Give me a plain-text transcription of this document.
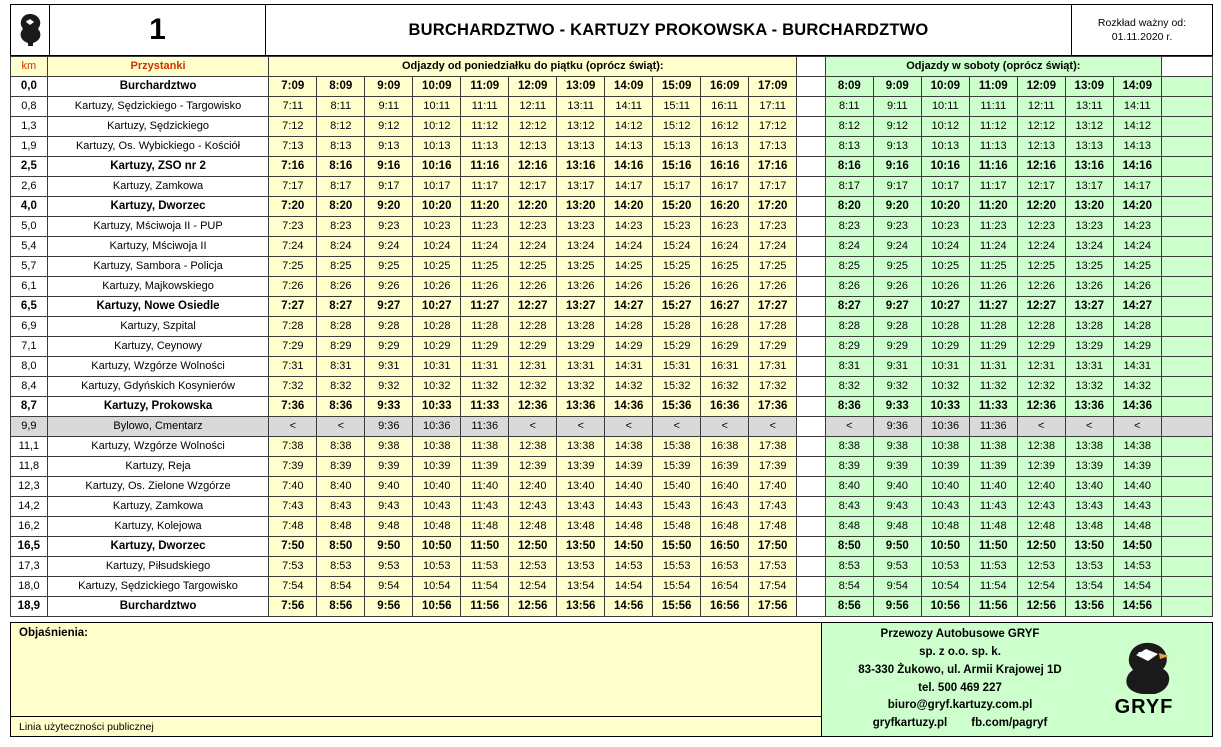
1	BURCHARDZTWO - KARTUZY PROKOWSKA - BURCHARDZTWO	Rozkład ważny od:
01.11.2020 r.
km	Przystanki	Odjazdy od poniedziałku do piątku (oprócz świąt):												Odjazdy w soboty (oprócz świąt):							
0,0	Burchardztwo	7:09	8:09	9:09	10:09	11:09	12:09	13:09	14:09	15:09	16:09	17:09		8:09	9:09	10:09	11:09	12:09	13:09	14:09	
0,8	Kartuzy, Sędzickiego - Targowisko	7:11	8:11	9:11	10:11	11:11	12:11	13:11	14:11	15:11	16:11	17:11		8:11	9:11	10:11	11:11	12:11	13:11	14:11	
1,3	Kartuzy, Sędzickiego	7:12	8:12	9:12	10:12	11:12	12:12	13:12	14:12	15:12	16:12	17:12		8:12	9:12	10:12	11:12	12:12	13:12	14:12	
1,9	Kartuzy, Os. Wybickiego - Kościół	7:13	8:13	9:13	10:13	11:13	12:13	13:13	14:13	15:13	16:13	17:13		8:13	9:13	10:13	11:13	12:13	13:13	14:13	
2,5	Kartuzy, ZSO nr 2	7:16	8:16	9:16	10:16	11:16	12:16	13:16	14:16	15:16	16:16	17:16		8:16	9:16	10:16	11:16	12:16	13:16	14:16	
2,6	Kartuzy, Zamkowa	7:17	8:17	9:17	10:17	11:17	12:17	13:17	14:17	15:17	16:17	17:17		8:17	9:17	10:17	11:17	12:17	13:17	14:17	
4,0	Kartuzy, Dworzec	7:20	8:20	9:20	10:20	11:20	12:20	13:20	14:20	15:20	16:20	17:20		8:20	9:20	10:20	11:20	12:20	13:20	14:20	
5,0	Kartuzy, Mściwoja II - PUP	7:23	8:23	9:23	10:23	11:23	12:23	13:23	14:23	15:23	16:23	17:23		8:23	9:23	10:23	11:23	12:23	13:23	14:23	
5,4	Kartuzy, Mściwoja II	7:24	8:24	9:24	10:24	11:24	12:24	13:24	14:24	15:24	16:24	17:24		8:24	9:24	10:24	11:24	12:24	13:24	14:24	
5,7	Kartuzy, Sambora - Policja	7:25	8:25	9:25	10:25	11:25	12:25	13:25	14:25	15:25	16:25	17:25		8:25	9:25	10:25	11:25	12:25	13:25	14:25	
6,1	Kartuzy, Majkowskiego	7:26	8:26	9:26	10:26	11:26	12:26	13:26	14:26	15:26	16:26	17:26		8:26	9:26	10:26	11:26	12:26	13:26	14:26	
6,5	Kartuzy, Nowe Osiedle	7:27	8:27	9:27	10:27	11:27	12:27	13:27	14:27	15:27	16:27	17:27		8:27	9:27	10:27	11:27	12:27	13:27	14:27	
6,9	Kartuzy, Szpital	7:28	8:28	9:28	10:28	11:28	12:28	13:28	14:28	15:28	16:28	17:28		8:28	9:28	10:28	11:28	12:28	13:28	14:28	
7,1	Kartuzy, Ceynowy	7:29	8:29	9:29	10:29	11:29	12:29	13:29	14:29	15:29	16:29	17:29		8:29	9:29	10:29	11:29	12:29	13:29	14:29	
8,0	Kartuzy, Wzgórze Wolności	7:31	8:31	9:31	10:31	11:31	12:31	13:31	14:31	15:31	16:31	17:31		8:31	9:31	10:31	11:31	12:31	13:31	14:31	
8,4	Kartuzy, Gdyńskich Kosynierów	7:32	8:32	9:32	10:32	11:32	12:32	13:32	14:32	15:32	16:32	17:32		8:32	9:32	10:32	11:32	12:32	13:32	14:32	
8,7	Kartuzy, Prokowska	7:36	8:36	9:33	10:33	11:33	12:36	13:36	14:36	15:36	16:36	17:36		8:36	9:33	10:33	11:33	12:36	13:36	14:36	
9,9	Bylowo, Cmentarz	<	<	9:36	10:36	11:36	<	<	<	<	<	<		<	9:36	10:36	11:36	<	<	<	
11,1	Kartuzy, Wzgórze Wolności	7:38	8:38	9:38	10:38	11:38	12:38	13:38	14:38	15:38	16:38	17:38		8:38	9:38	10:38	11:38	12:38	13:38	14:38	
11,8	Kartuzy, Reja	7:39	8:39	9:39	10:39	11:39	12:39	13:39	14:39	15:39	16:39	17:39		8:39	9:39	10:39	11:39	12:39	13:39	14:39	
12,3	Kartuzy, Os. Zielone Wzgórze	7:40	8:40	9:40	10:40	11:40	12:40	13:40	14:40	15:40	16:40	17:40		8:40	9:40	10:40	11:40	12:40	13:40	14:40	
14,2	Kartuzy, Zamkowa	7:43	8:43	9:43	10:43	11:43	12:43	13:43	14:43	15:43	16:43	17:43		8:43	9:43	10:43	11:43	12:43	13:43	14:43	
16,2	Kartuzy, Kolejowa	7:48	8:48	9:48	10:48	11:48	12:48	13:48	14:48	15:48	16:48	17:48		8:48	9:48	10:48	11:48	12:48	13:48	14:48	
16,5	Kartuzy, Dworzec	7:50	8:50	9:50	10:50	11:50	12:50	13:50	14:50	15:50	16:50	17:50		8:50	9:50	10:50	11:50	12:50	13:50	14:50	
17,3	Kartuzy, Piłsudskiego	7:53	8:53	9:53	10:53	11:53	12:53	13:53	14:53	15:53	16:53	17:53		8:53	9:53	10:53	11:53	12:53	13:53	14:53	
18,0	Kartuzy, Sędzickiego Targowisko	7:54	8:54	9:54	10:54	11:54	12:54	13:54	14:54	15:54	16:54	17:54		8:54	9:54	10:54	11:54	12:54	13:54	14:54	
18,9	Burchardztwo	7:56	8:56	9:56	10:56	11:56	12:56	13:56	14:56	15:56	16:56	17:56		8:56	9:56	10:56	11:56	12:56	13:56	14:56	
Objaśnienia:
Linia użyteczności publicznej
Przewozy Autobusowe GRYF
sp. z o.o. sp. k.
83-330 Żukowo, ul. Armii Krajowej 1D
tel. 500 469 227
biuro@gryf.kartuzy.com.pl
gryfkartuzy.pl fb.com/pagryf
GRYF
